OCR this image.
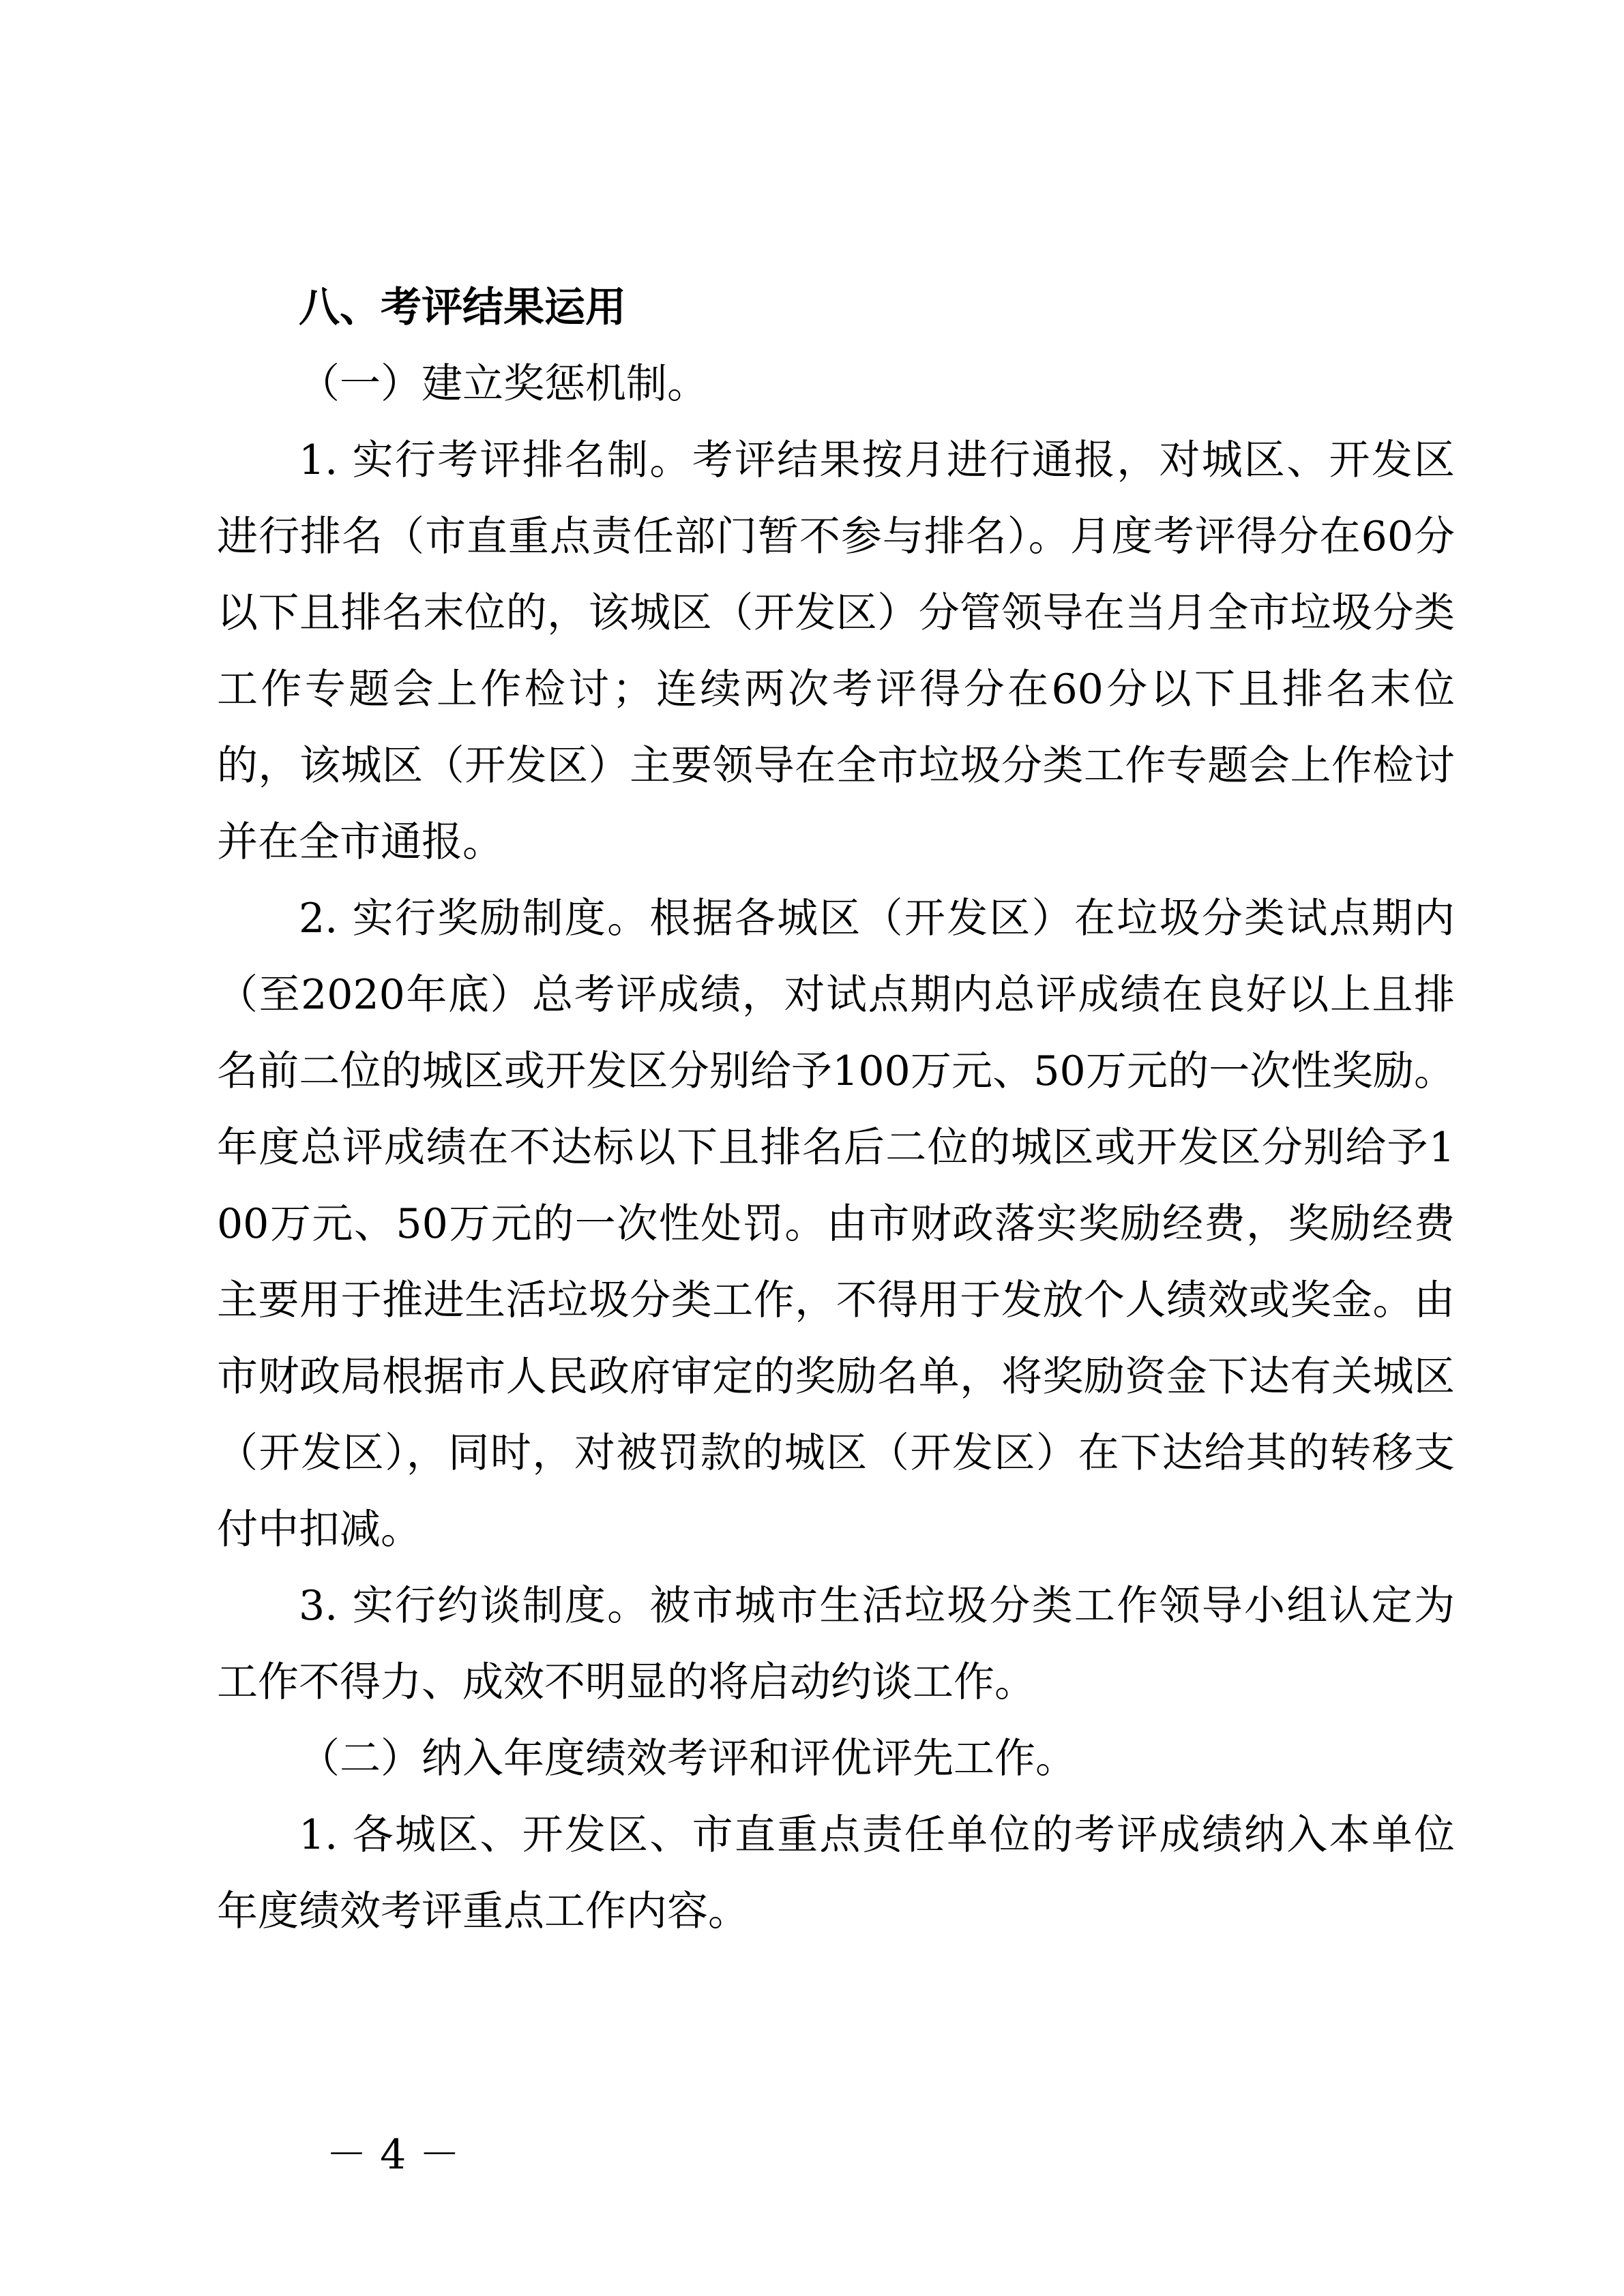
八、考评结果运用
（一）建立奖惩机制。

1. 实行考评排名制。考评结果按月进行通报，对城区、开发区进行排名（市直重点责任部门暂不参与排名）。月度考评得分在60分以下且排名末位的，该城区（开发区）分管领导在当月全市垃圾分类工作专题会上作检讨；连续两次考评得分在60分以下且排名末位的，该城区（开发区）主要领导在全市垃圾分类工作专题会上作检讨并在全市通报。

2. 实行奖励制度。根据各城区（开发区）在垃圾分类试点期内（至2020年底）总考评成绩，对试点期内总评成绩在良好以上且排名前二位的城区或开发区分别给予100万元、50万元的一次性奖励。年度总评成绩在不达标以下且排名后二位的城区或开发区分别给予100万元、50万元的一次性处罚。由市财政落实奖励经费，奖励经费主要用于推进生活垃圾分类工作，不得用于发放个人绩效或奖金。由市财政局根据市人民政府审定的奖励名单，将奖励资金下达有关城区（开发区），同时，对被罚款的城区（开发区）在下达给其的转移支付中扣减。

3. 实行约谈制度。被市城市生活垃圾分类工作领导小组认定为工作不得力、成效不明显的将启动约谈工作。

（二）纳入年度绩效考评和评优评先工作。

1. 各城区、开发区、市直重点责任单位的考评成绩纳入本单位年度绩效考评重点工作内容。

－ 4 －
